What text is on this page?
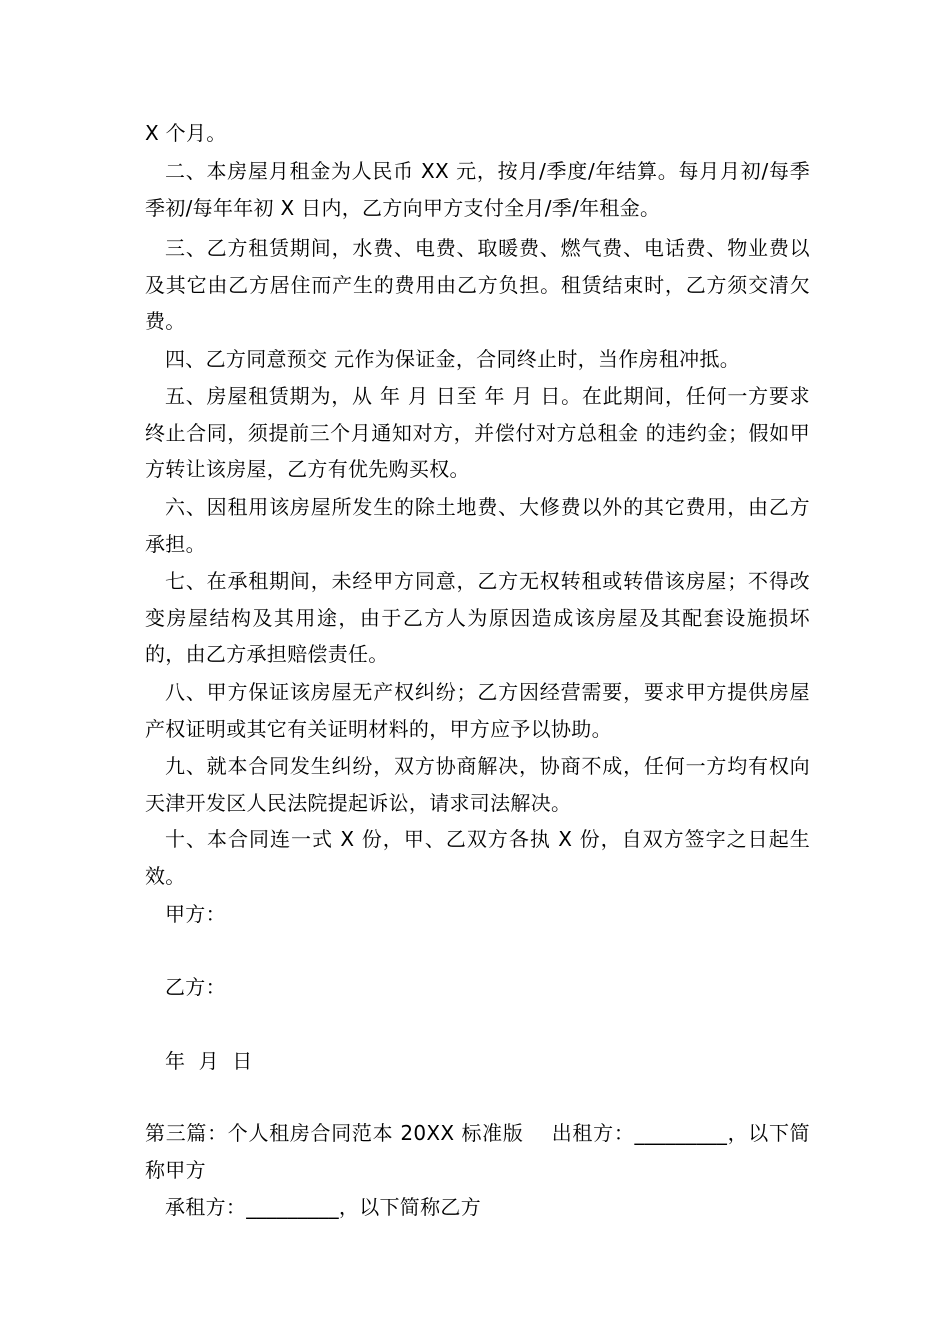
X 个月。
二、本房屋月租金为人民币 XX 元，按月/季度/年结算。每月月初/每季季初/每年年初 X 日内，乙方向甲方支付全月/季/年租金。
三、乙方租赁期间，水费、电费、取暖费、燃气费、电话费、物业费以及其它由乙方居住而产生的费用由乙方负担。租赁结束时，乙方须交清欠费。
四、乙方同意预交 元作为保证金，合同终止时，当作房租冲抵。
五、房屋租赁期为，从 年 月 日至 年 月 日。在此期间，任何一方要求终止合同，须提前三个月通知对方，并偿付对方总租金 的违约金；假如甲方转让该房屋，乙方有优先购买权。
六、因租用该房屋所发生的除土地费、大修费以外的其它费用，由乙方承担。
七、在承租期间，未经甲方同意，乙方无权转租或转借该房屋；不得改变房屋结构及其用途，由于乙方人为原因造成该房屋及其配套设施损坏的，由乙方承担赔偿责任。
八、甲方保证该房屋无产权纠纷；乙方因经营需要，要求甲方提供房屋产权证明或其它有关证明材料的，甲方应予以协助。
九、就本合同发生纠纷，双方协商解决，协商不成，任何一方均有权向天津开发区人民法院提起诉讼，请求司法解决。
十、本合同连一式 X 份，甲、乙双方各执 X 份，自双方签字之日起生效。
甲方：
乙方：
年  月  日
第三篇：个人租房合同范本 20XX 标准版    出租方：_________，以下简称甲方
承租方：_________，以下简称乙方
